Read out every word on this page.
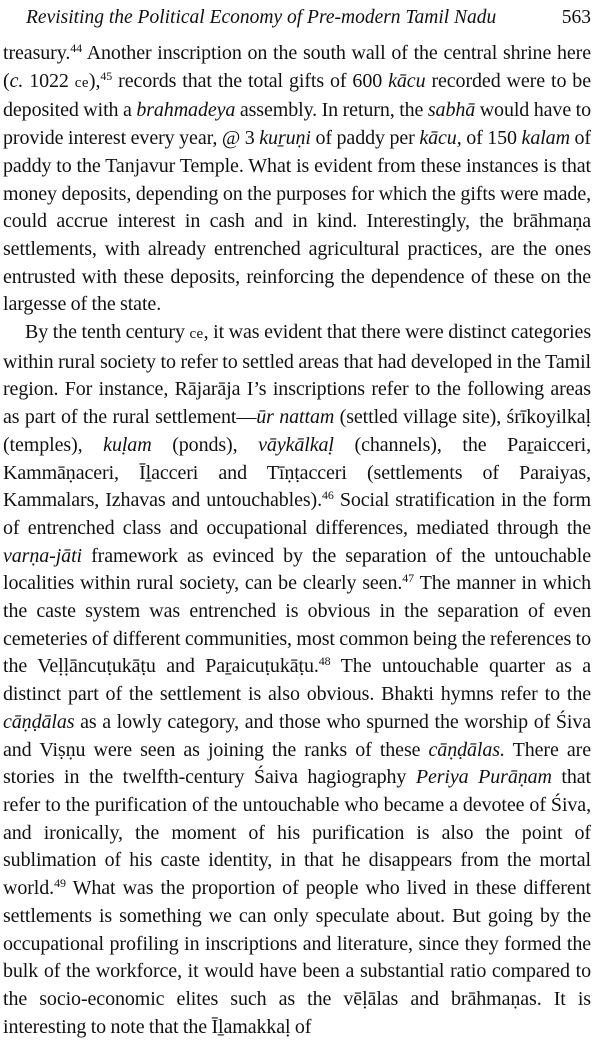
Revisiting the Political Economy of Pre-modern Tamil Nadu	563

treasury.$^{44}$ Another inscription on the south wall of the central shrine here (c. 1022 ce),$^{45}$ records that the total gifts of 600 kācu recorded were to be deposited with a brahmadeya assembly. In return, the sabhā would have to provide interest every year, @ 3 kuṟuṇi of paddy per kācu, of 150 kalam of paddy to the Tanjavur Temple. What is evident from these instances is that money deposits, depending on the purposes for which the gifts were made, could accrue interest in cash and in kind. Interestingly, the brāhmaṇa settlements, with already entrenched agricultural practices, are the ones entrusted with these deposits, reinforcing the dependence of these on the largesse of the state.

By the tenth century ce, it was evident that there were distinct categories within rural society to refer to settled areas that had developed in the Tamil region. For instance, Rājarāja I’s inscriptions refer to the following areas as part of the rural settlement—ūr nattam (settled village site), śrīkoyilkaḷ (temples), kuḷam (ponds), vāykālkaḷ (channels), the Paṟaicceri, Kammāṇaceri, Īḻacceri and Tīṇṭacceri (settlements of Paraiyas, Kammalars, Izhavas and untouchables).$^{46}$ Social stratification in the form of entrenched class and occupational differences, mediated through the varṇa-jāti framework as evinced by the separation of the untouchable localities within rural society, can be clearly seen.$^{47}$ The manner in which the caste system was entrenched is obvious in the separation of even cemeteries of different communities, most common being the references to the Veḷḷāncuṭukāṭu and Paṟaicuṭukāṭu.$^{48}$ The untouchable quarter as a distinct part of the settlement is also obvious. Bhakti hymns refer to the cāṇḍālas as a lowly category, and those who spurned the worship of Śiva and Viṣṇu were seen as joining the ranks of these cāṇḍālas. There are stories in the twelfth-century Śaiva hagiography Periya Purāṇam that refer to the purification of the untouchable who became a devotee of Śiva, and ironically, the moment of his purification is also the point of sublimation of his caste identity, in that he disappears from the mortal world.$^{49}$ What was the proportion of people who lived in these different settlements is something we can only speculate about. But going by the occupational profiling in inscriptions and literature, since they formed the bulk of the workforce, it would have been a substantial ratio compared to the socio-economic elites such as the vēḷālas and brāhmaṇas. It is interesting to note that the Īḻamakkaḷ of
